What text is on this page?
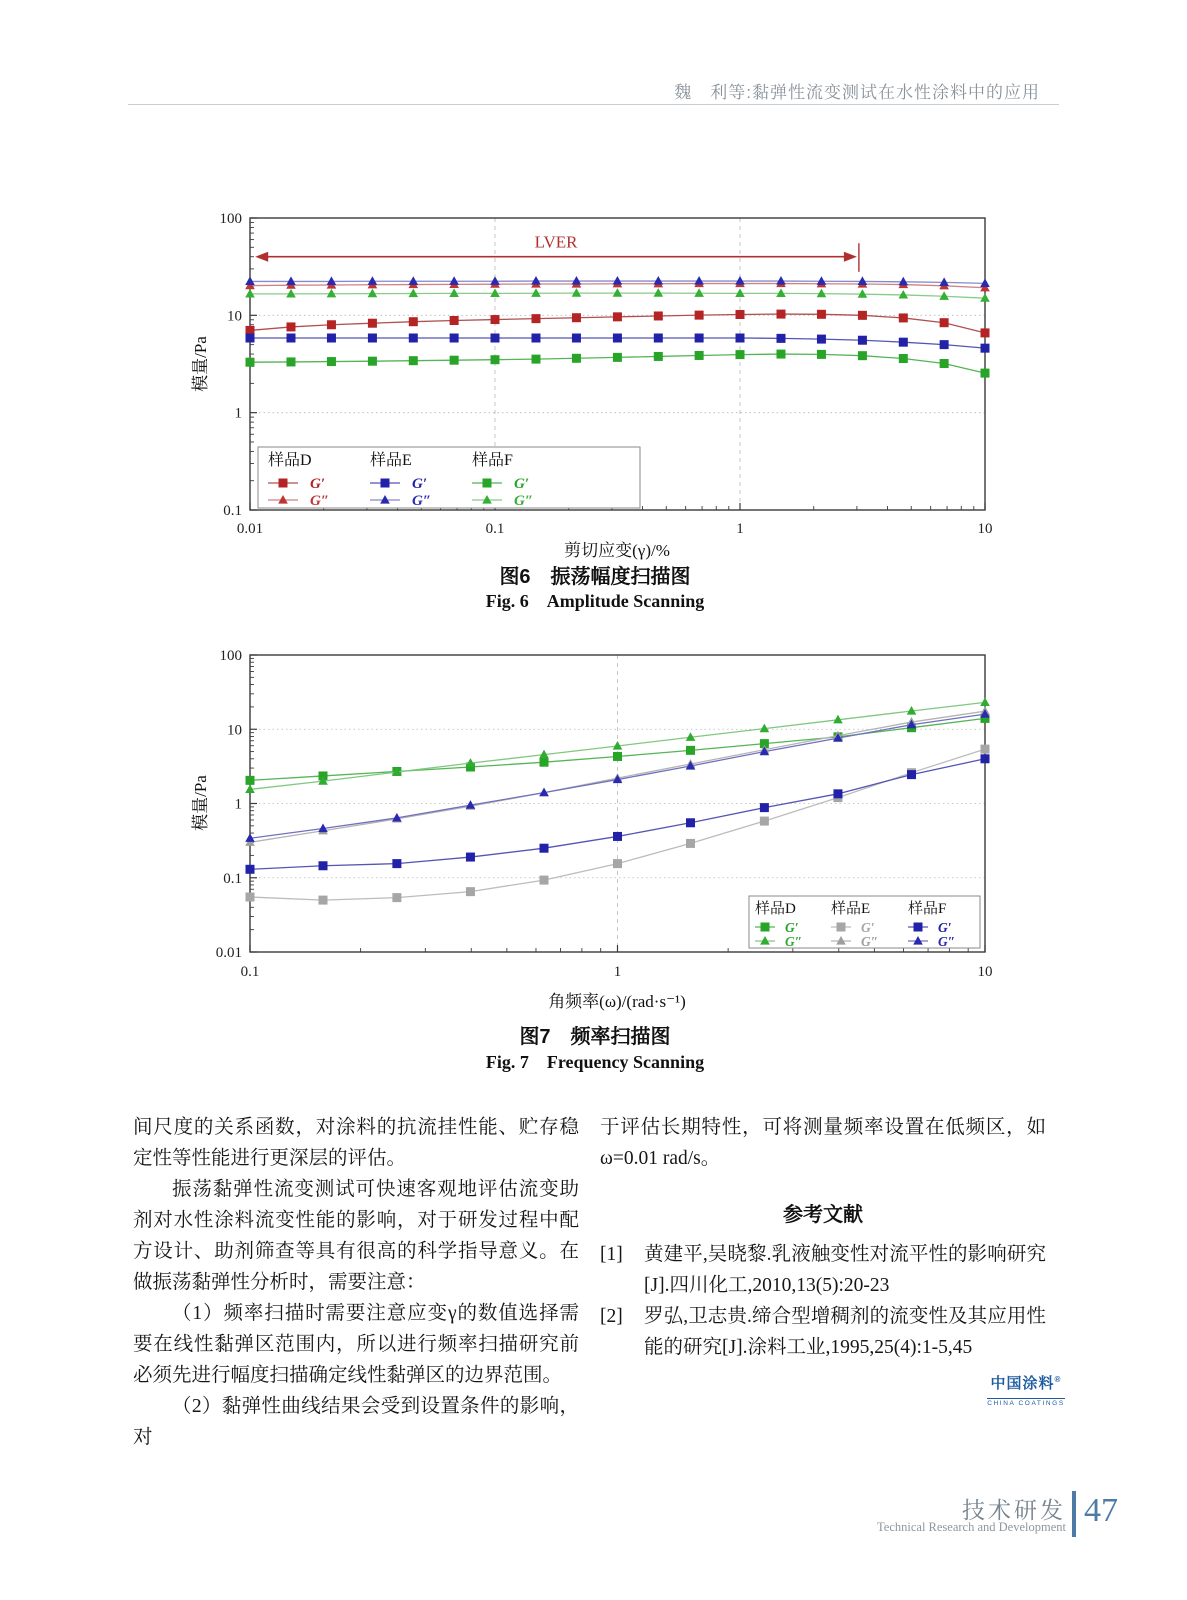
魏　利等:黏弹性流变测试在水性涂料中的应用
0.01	0.1	1	10
0.1
1
10
100
剪切应变(γ)/%
模量/Pa
LVER
样品D
G′
G″
样品E
G′
G″
样品F
G′
G″
图6　振荡幅度扫描图
Fig. 6　Amplitude Scanning
0.1	1	10
0.01
0.1
1
10
100
角频率(ω)/(rad·s⁻¹)
模量/Pa
样品D
G′
G″
样品E
G′
G″
样品F
G′
G″
图7　频率扫描图
Fig. 7　Frequency Scanning

间尺度的关系函数，对涂料的抗流挂性能、贮存稳定性等性能进行更深层的评估。

振荡黏弹性流变测试可快速客观地评估流变助剂对水性涂料流变性能的影响，对于研发过程中配方设计、助剂筛查等具有很高的科学指导意义。在做振荡黏弹性分析时，需要注意：

（1）频率扫描时需要注意应变γ的数值选择需要在线性黏弹区范围内，所以进行频率扫描研究前必须先进行幅度扫描确定线性黏弹区的边界范围。

（2）黏弹性曲线结果会受到设置条件的影响，对

于评估长期特性，可将测量频率设置在低频区，如ω=0.01 rad/s。

参考文献
[1] 黄建平,吴晓黎.乳液触变性对流平性的影响研究[J].四川化工,2010,13(5):20-23
[2] 罗弘,卫志贵.缔合型增稠剂的流变性及其应用性能的研究[J].涂料工业,1995,25(4):1-5,45
中国涂料®
CHINA COATINGS
技术研发
Technical Research and Development 47
